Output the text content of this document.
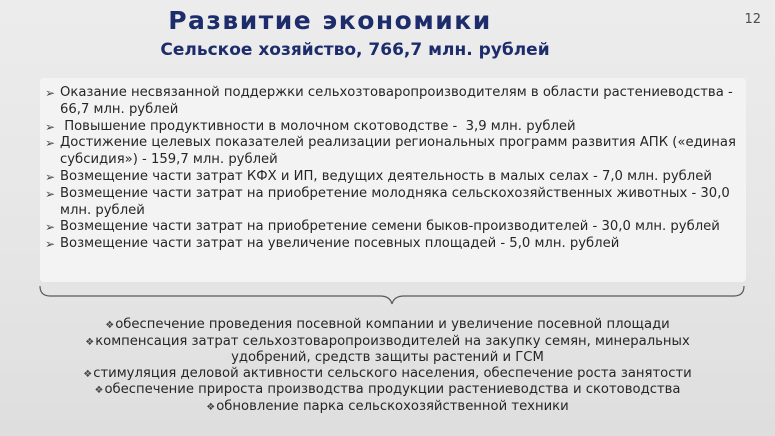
Развитие экономики	12
Сельское хозяйство, 766,7 млн. рублей
➢ Оказание несвязанной поддержки сельхозтоваропроизводителям в области растениеводства - 66,7 млн. рублей
➢ Повышение продуктивности в молочном скотоводстве -  3,9 млн. рублей
➢ Достижение целевых показателей реализации региональных программ развития АПК («единая субсидия») - 159,7 млн. рублей
➢ Возмещение части затрат КФХ и ИП, ведущих деятельность в малых селах - 7,0 млн. рублей
➢ Возмещение части затрат на приобретение молодняка сельскохозяйственных животных - 30,0 млн. рублей
➢ Возмещение части затрат на приобретение семени быков-производителей - 30,0 млн. рублей
➢ Возмещение части затрат на увеличение посевных площадей - 5,0 млн. рублей
❖обеспечение проведения посевной компании и увеличение посевной площади
❖компенсация затрат сельхозтоваропроизводителей на закупку семян, минеральных удобрений, средств защиты растений и ГСМ
❖стимуляция деловой активности сельского населения, обеспечение роста занятости
❖обеспечение прироста производства продукции растениеводства и скотоводства
❖обновление парка сельскохозяйственной техники
